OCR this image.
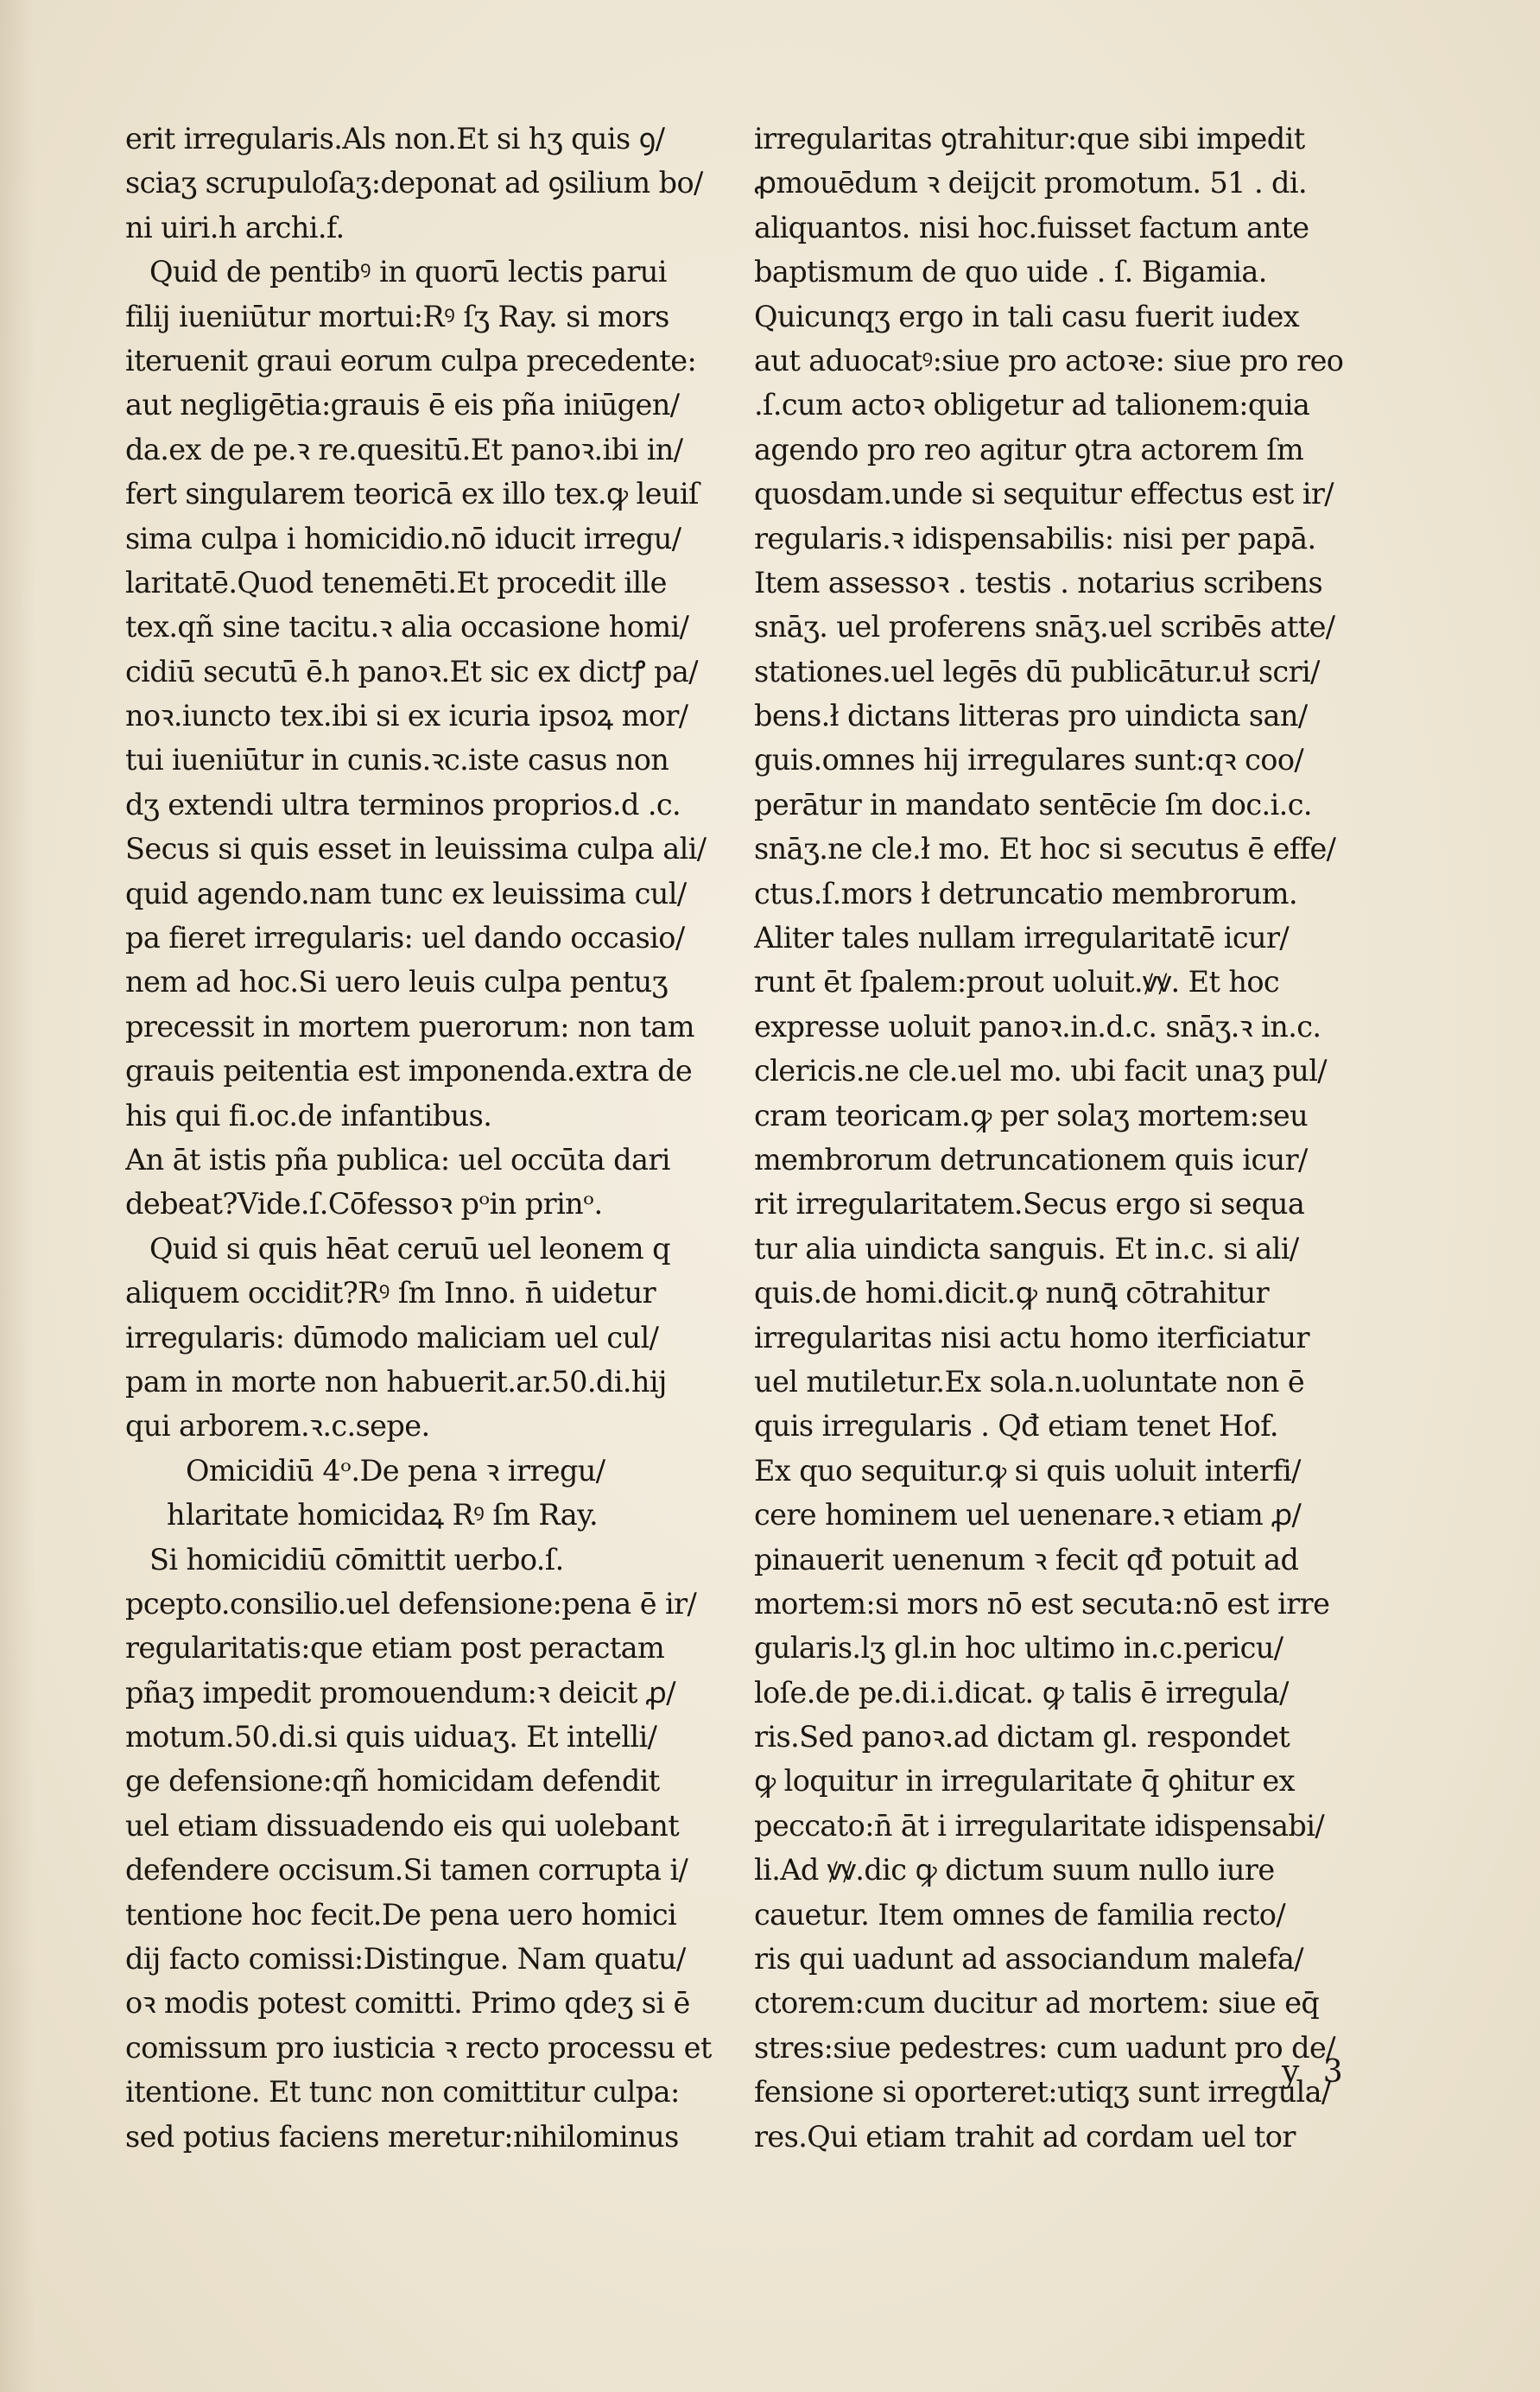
erit irregularis.Als non.Et si hʒ quis ꝯ/
sciaʒ scrupuloſaʒ:deponat ad ꝯsilium bo/
ni uiri.h archi.f.
Quid de pentibꝰ in quorū lectis parui
filij iueniūtur mortui:Rꝰ ſʒ Ray. si mors
iteruenit graui eorum culpa precedente:
aut negligētia:grauis ē eis pña iniūgen/
da.ex de pe.ꝛ re.quesitū.Et panoꝛ.ibi in/
fert singularem teoricā ex illo tex.ꝙ leuiſ
sima culpa i homicidio.nō iducit irregu/
laritatē.Quod tenemēti.Et procedit ille
tex.qñ sine tacitu.ꝛ alia occasione homi/
cidiū secutū ē.h panoꝛ.Et sic ex dictꝭ pa/
noꝛ.iuncto tex.ibi si ex icuria ipsoꝝ mor/
tui iueniūtur in cunis.ꝛc.iste casus non
dʒ extendi ultra terminos proprios.d .c.
Secus si quis esset in leuissima culpa ali/
quid agendo.nam tunc ex leuissima cul/
pa fieret irregularis: uel dando occasio/
nem ad hoc.Si uero leuis culpa pentuʒ
precessit in mortem puerorum: non tam
grauis peitentia est imponenda.extra de
his qui fi.oc.de infantibus.
An āt istis pña publica: uel occūta dari
debeat?Vide.ſ.Cōfessoꝛ pᵒin prinᵒ.
Quid si quis hēat ceruū uel leonem q
aliquem occidit?Rꝰ ſm Inno. n̄ uidetur
irregularis: dūmodo maliciam uel cul/
pam in morte non habuerit.ar.50.di.hij
qui arborem.ꝛ.c.sepe.
h
Omicidiū 4ᵒ.De pena ꝛ irregu/
laritate homicidaꝝ Rꝰ ſm Ray.
Si homicidiū cōmittit uerbo.ſ.
pcepto.consilio.uel defensione:pena ē ir/
regularitatis:que etiam post peractam
pñaʒ impedit promouendum:ꝛ deicit ꝓ/
motum.50.di.si quis uiduaʒ. Et intelli/
ge defensione:qñ homicidam defendit
uel etiam dissuadendo eis qui uolebant
defendere occisum.Si tamen corrupta i/
tentione hoc fecit.De pena uero homici
dij facto comissi:Distingue. Nam quatu/
oꝛ modis potest comitti. Primo qdeʒ si ē
comissum pro iusticia ꝛ recto processu et
itentione. Et tunc non comittitur culpa:
sed potius faciens meretur:nihilominus
irregularitas ꝯtrahitur:que sibi impedit
ꝓmouēdum ꝛ deijcit promotum. 51 . di.
aliquantos. nisi hoc.fuisset factum ante
baptismum de quo uide . ſ. Bigamia.
Quicunqʒ ergo in tali casu fuerit iudex
aut aduocatꝰ:siue pro actoꝛe: siue pro reo
.ſ.cum actoꝛ obligetur ad talionem:quia
agendo pro reo agitur ꝯtra actorem ſm
quosdam.unde si sequitur effectus est ir/
regularis.ꝛ idispensabilis: nisi per papā.
Item assessoꝛ . testis . notarius scribens
snāʒ. uel proferens snāʒ.uel scribēs atte/
stationes.uel legēs dū publicātur.uł scri/
bens.ł dictans litteras pro uindicta san/
guis.omnes hij irregulares sunt:qꝛ coo/
perātur in mandato sentēcie ſm doc.i.c.
snāʒ.ne cle.ł mo. Et hoc si secutus ē effe/
ctus.ſ.mors ł detruncatio membrorum.
Aliter tales nullam irregularitatē icur/
runt ēt ſpalem:prout uoluit.ꝟꝟ. Et hoc
expresse uoluit panoꝛ.in.d.c. snāʒ.ꝛ in.c.
clericis.ne cle.uel mo. ubi facit unaʒ pul/
cram teoricam.ꝙ per solaʒ mortem:seu
membrorum detruncationem quis icur/
rit irregularitatem.Secus ergo si sequa
tur alia uindicta sanguis. Et in.c. si ali/
quis.de homi.dicit.ꝙ nunꝗ̄ cōtrahitur
irregularitas nisi actu homo iterficiatur
uel mutiletur.Ex sola.n.uoluntate non ē
quis irregularis . Qđ etiam tenet Hof.
Ex quo sequitur.ꝙ si quis uoluit interfi/
cere hominem uel uenenare.ꝛ etiam ꝓ/
pinauerit uenenum ꝛ fecit qđ potuit ad
mortem:si mors nō est secuta:nō est irre
gularis.lʒ gl.in hoc ultimo in.c.pericu/
loſe.de pe.di.i.dicat. ꝙ talis ē irregula/
ris.Sed panoꝛ.ad dictam gl. respondet
ꝙ loquitur in irregularitate q̄ ꝯhitur ex
peccato:n̄ āt i irregularitate idispensabi/
li.Ad ꝟꝟ.dic ꝙ dictum suum nullo iure
cauetur. Item omnes de familia recto/
ris qui uadunt ad associandum malefa/
ctorem:cum ducitur ad mortem: siue eq̄
stres:siue pedestres: cum uadunt pro de/
fensione si oporteret:utiqʒ sunt irregula/
res.Qui etiam trahit ad cordam uel tor
y 3
